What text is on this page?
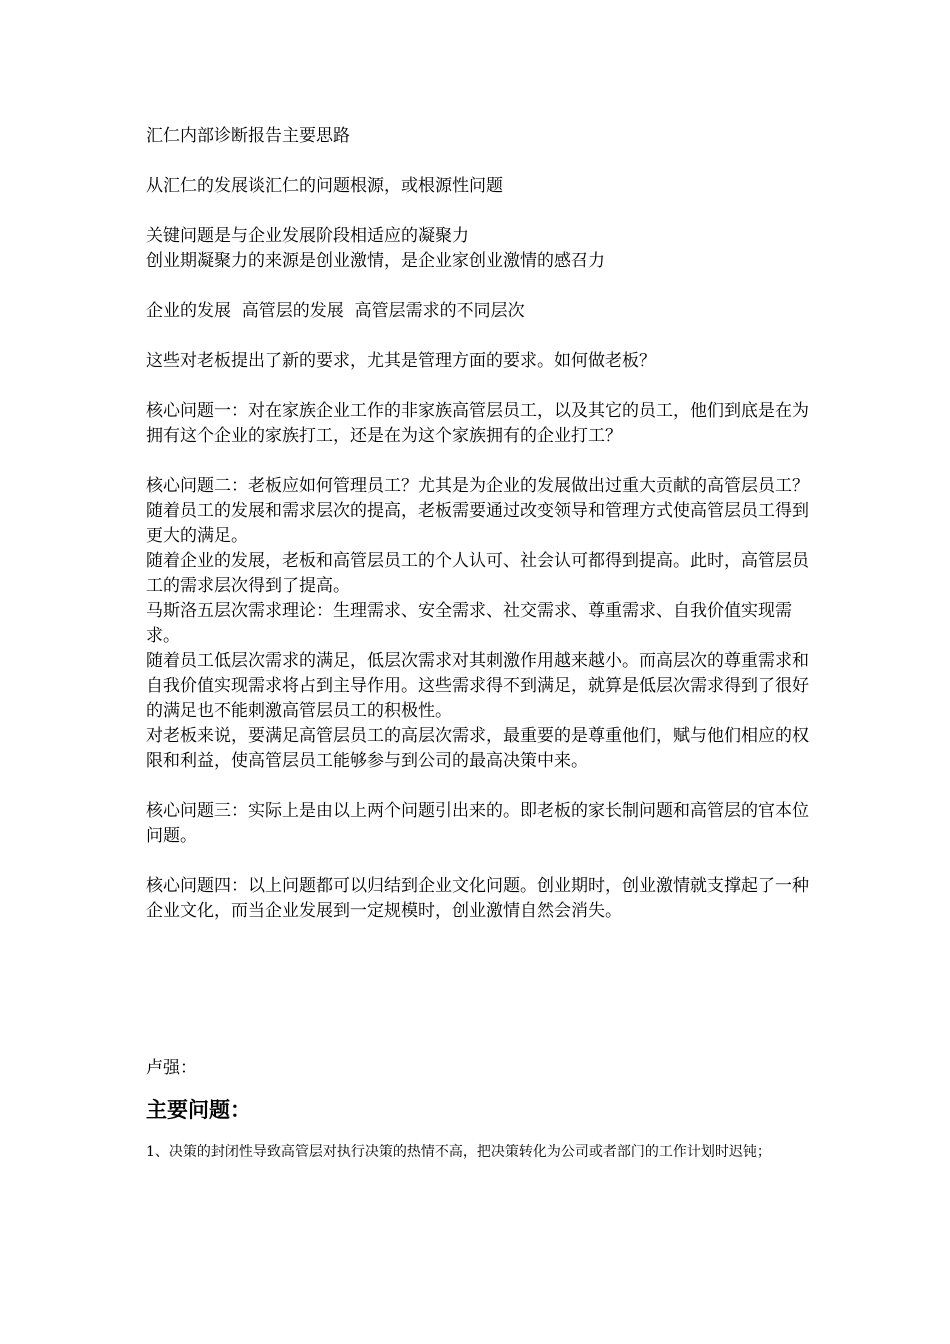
汇仁内部诊断报告主要思路
从汇仁的发展谈汇仁的问题根源，或根源性问题
关键问题是与企业发展阶段相适应的凝聚力
创业期凝聚力的来源是创业激情，是企业家创业激情的感召力
企业的发展  高管层的发展  高管层需求的不同层次
这些对老板提出了新的要求，尤其是管理方面的要求。如何做老板？
核心问题一：对在家族企业工作的非家族高管层员工，以及其它的员工，他们到底是在为拥有这个企业的家族打工，还是在为这个家族拥有的企业打工？
核心问题二：老板应如何管理员工？尤其是为企业的发展做出过重大贡献的高管层员工？随着员工的发展和需求层次的提高，老板需要通过改变领导和管理方式使高管层员工得到更大的满足。
随着企业的发展，老板和高管层员工的个人认可、社会认可都得到提高。此时，高管层员工的需求层次得到了提高。
马斯洛五层次需求理论：生理需求、安全需求、社交需求、尊重需求、自我价值实现需求。
随着员工低层次需求的满足，低层次需求对其刺激作用越来越小。而高层次的尊重需求和自我价值实现需求将占到主导作用。这些需求得不到满足，就算是低层次需求得到了很好的满足也不能刺激高管层员工的积极性。
对老板来说，要满足高管层员工的高层次需求，最重要的是尊重他们，赋与他们相应的权限和利益，使高管层员工能够参与到公司的最高决策中来。
核心问题三：实际上是由以上两个问题引出来的。即老板的家长制问题和高管层的官本位问题。
核心问题四：以上问题都可以归结到企业文化问题。创业期时，创业激情就支撑起了一种企业文化，而当企业发展到一定规模时，创业激情自然会消失。
卢强：
主要问题：

1、决策的封闭性导致高管层对执行决策的热情不高，把决策转化为公司或者部门的工作计划时迟钝；
